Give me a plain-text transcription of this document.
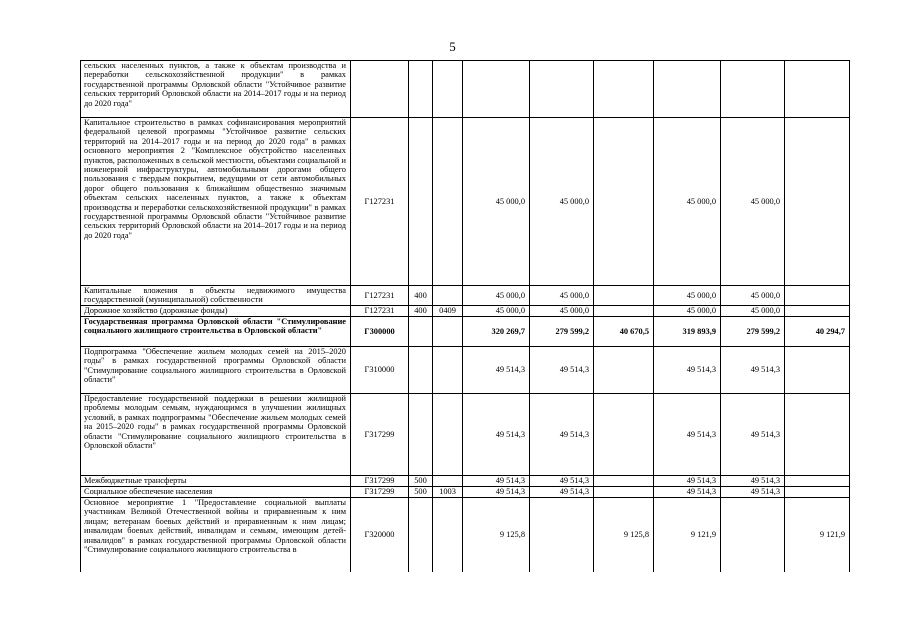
5
сельских населенных пунктов, а также к объектам производства и переработки сельскохозяйственной продукции" в рамках государственной программы Орловской области "Устойчивое развитие сельских территорий Орловской области на 2014–2017 годы и на период до 2020 года"									
Капитальное строительство в рамках софинансирования мероприятий федеральной целевой программы "Устойчивое развитие сельских территорий на 2014–2017 годы и на период до 2020 года" в рамках основного мероприятия 2 "Комплексное обустройство населенных пунктов, расположенных в сельской местности, объектами социальной и инженерной инфраструктуры, автомобильными дорогами общего пользования с твердым покрытием, ведущими от сети автомобильных дорог общего пользования к ближайшим общественно значимым объектам сельских населенных пунктов, а также к объектам производства и переработки сельскохозяйственной продукции" в рамках государственной программы Орловской области "Устойчивое развитие сельских территорий Орловской области на 2014–2017 годы и на период до 2020 года"	Г127231			45 000,0	45 000,0		45 000,0	45 000,0	
Капитальные вложения в объекты недвижимого имущества государственной (муниципальной) собственности	Г127231	400		45 000,0	45 000,0		45 000,0	45 000,0	
Дорожное хозяйство (дорожные фонды)	Г127231	400	0409	45 000,0	45 000,0		45 000,0	45 000,0	
Государственная программа Орловской области "Стимулирование социального жилищного строительства в Орловской области"	Г300000			320 269,7	279 599,2	40 670,5	319 893,9	279 599,2	40 294,7
Подпрограмма "Обеспечение жильем молодых семей на 2015–2020 годы" в рамках государственной программы Орловской области "Стимулирование социального жилищного строительства в Орловской области"	Г310000			49 514,3	49 514,3		49 514,3	49 514,3	
Предоставление государственной поддержки в решении жилищной проблемы молодым семьям, нуждающимся в улучшении жилищных условий, в рамках подпрограммы "Обеспечение жильем молодых семей на 2015–2020 годы" в рамках государственной программы Орловской области "Стимулирование социального жилищного строительства в Орловской области"	Г317299			49 514,3	49 514,3		49 514,3	49 514,3	
Межбюджетные трансферты	Г317299	500		49 514,3	49 514,3		49 514,3	49 514,3	
Социальное обеспечение населения	Г317299	500	1003	49 514,3	49 514,3		49 514,3	49 514,3	
Основное мероприятие 1 "Предоставление социальной выплаты участникам Великой Отечественной войны и приравненным к ним лицам; ветеранам боевых действий и приравненным к ним лицам; инвалидам боевых действий, инвалидам и семьям, имеющим детей-инвалидов" в рамках государственной программы Орловской области "Стимулирование социального жилищного строительства в	Г320000			9 125,8		9 125,8	9 121,9		9 121,9
